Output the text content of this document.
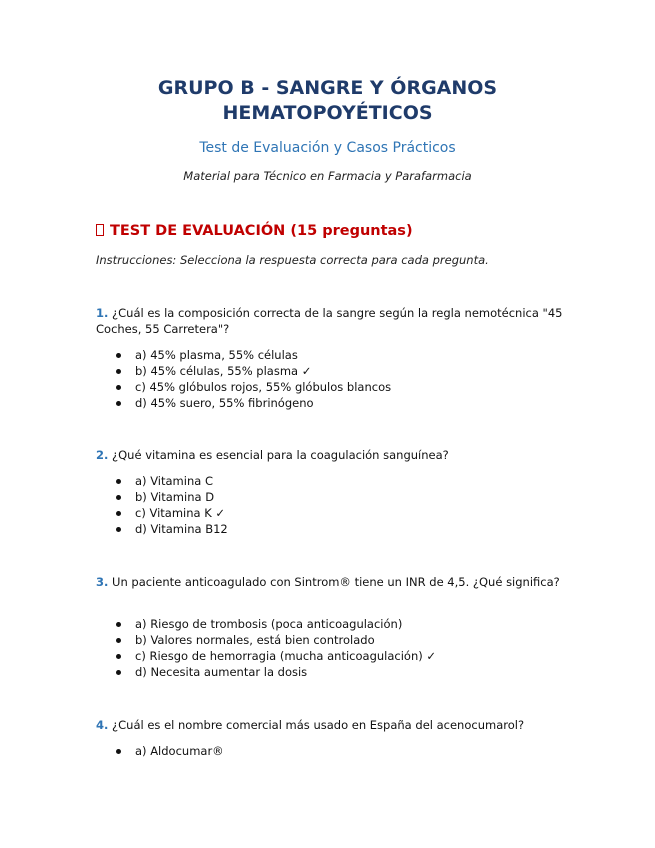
GRUPO B - SANGRE Y ÓRGANOS
HEMATOPOYÉTICOS

Test de Evaluación y Casos Prácticos

Material para Técnico en Farmacia y Parafarmacia

TEST DE EVALUACIÓN (15 preguntas)

Instrucciones: Selecciona la respuesta correcta para cada pregunta.

1. ¿Cuál es la composición correcta de la sangre según la regla nemotécnica "45 Coches, 55 Carretera"?

a) 45% plasma, 55% células
b) 45% células, 55% plasma ✓
c) 45% glóbulos rojos, 55% glóbulos blancos
d) 45% suero, 55% fibrinógeno

2. ¿Qué vitamina es esencial para la coagulación sanguínea?

a) Vitamina C
b) Vitamina D
c) Vitamina K ✓
d) Vitamina B12

3. Un paciente anticoagulado con Sintrom® tiene un INR de 4,5. ¿Qué significa?

a) Riesgo de trombosis (poca anticoagulación)
b) Valores normales, está bien controlado
c) Riesgo de hemorragia (mucha anticoagulación) ✓
d) Necesita aumentar la dosis

4. ¿Cuál es el nombre comercial más usado en España del acenocumarol?

a) Aldocumar®
